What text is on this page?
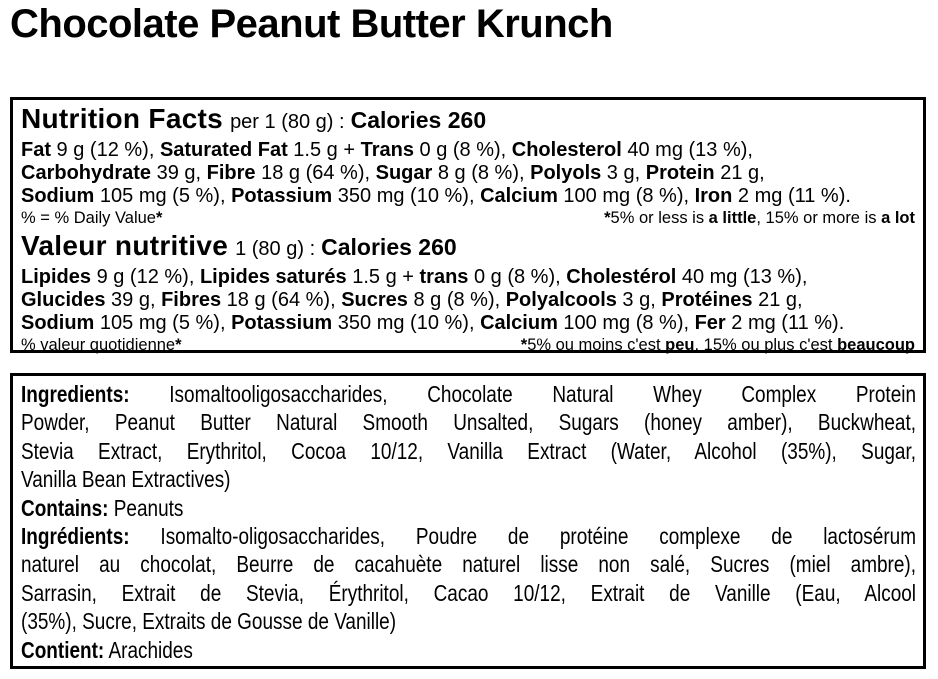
Chocolate Peanut Butter Krunch
Nutrition Facts per 1 (80 g) : Calories 260
Fat 9 g (12 %), Saturated Fat 1.5 g + Trans 0 g (8 %), Cholesterol 40 mg (13 %),
Carbohydrate 39 g, Fibre 18 g (64 %), Sugar 8 g (8 %), Polyols 3 g, Protein 21 g,
Sodium 105 mg (5 %), Potassium 350 mg (10 %), Calcium 100 mg (8 %), Iron 2 mg (11 %).
% = % Daily Value*	*5% or less is a little, 15% or more is a lot
Valeur nutritive 1 (80 g) : Calories 260
Lipides 9 g (12 %), Lipides saturés 1.5 g + trans 0 g (8 %), Cholestérol 40 mg (13 %),
Glucides 39 g, Fibres 18 g (64 %), Sucres 8 g (8 %), Polyalcools 3 g, Protéines 21 g,
Sodium 105 mg (5 %), Potassium 350 mg (10 %), Calcium 100 mg (8 %), Fer 2 mg (11 %).
% valeur quotidienne*	*5% ou moins c'est peu, 15% ou plus c'est beaucoup
Ingredients: Isomaltooligosaccharides, Chocolate Natural Whey Complex Protein
Powder, Peanut Butter Natural Smooth Unsalted, Sugars (honey amber), Buckwheat,
Stevia Extract, Erythritol, Cocoa 10/12, Vanilla Extract (Water, Alcohol (35%), Sugar,
Vanilla Bean Extractives)
Contains: Peanuts
Ingrédients: Isomalto-oligosaccharides, Poudre de protéine complexe de lactosérum
naturel au chocolat, Beurre de cacahuète naturel lisse non salé, Sucres (miel ambre),
Sarrasin, Extrait de Stevia, Érythritol, Cacao 10/12, Extrait de Vanille (Eau, Alcool
(35%), Sucre, Extraits de Gousse de Vanille)
Contient: Arachides
